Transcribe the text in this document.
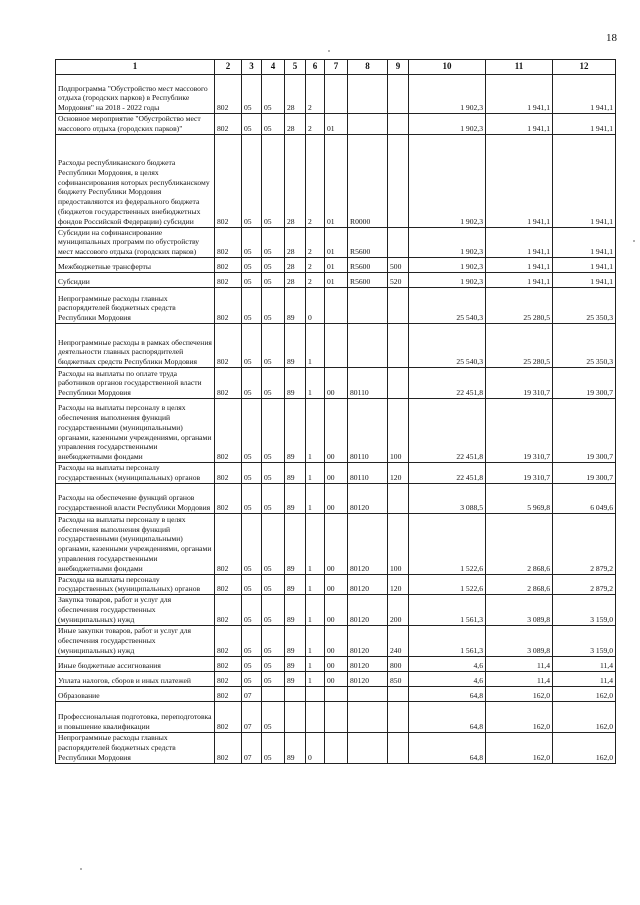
18
1	2	3	4	5	6	7	8	9	10	11	12
Подпрограмма "Обустройство мест массового отдыха (городских парков) в Республике Мордовия" на 2018 - 2022 годы	802	05	05	28	2				1 902,3	1 941,1	1 941,1
Основное мероприятие "Обустройство мест массового отдыха (городских парков)"	802	05	05	28	2	01			1 902,3	1 941,1	1 941,1
Расходы республиканского бюджета Республики Мордовия, в целях софинансирования которых республиканскому бюджету Республики Мордовия предоставляются из федерального бюджета (бюджетов государственных внебюджетных фондов Российской Федерации) субсидии	802	05	05	28	2	01	R0000		1 902,3	1 941,1	1 941,1
Субсидии на софинансирование муниципальных программ по обустройству мест массового отдыха (городских парков)	802	05	05	28	2	01	R5600		1 902,3	1 941,1	1 941,1
Межбюджетные трансферты	802	05	05	28	2	01	R5600	500	1 902,3	1 941,1	1 941,1
Субсидии	802	05	05	28	2	01	R5600	520	1 902,3	1 941,1	1 941,1
Непрограммные расходы главных распорядителей бюджетных средств Республики Мордовия	802	05	05	89	0				25 540,3	25 280,5	25 350,3
Непрограммные расходы в рамках обеспечения деятельности главных распорядителей бюджетных средств Республики Мордовия	802	05	05	89	1				25 540,3	25 280,5	25 350,3
Расходы на выплаты по оплате труда работников органов государственной власти Республики Мордовия	802	05	05	89	1	00	80110		22 451,8	19 310,7	19 300,7
Расходы на выплаты персоналу в целях обеспечения выполнения функций государственными (муниципальными) органами, казенными учреждениями, органами управления государственными внебюджетными фондами	802	05	05	89	1	00	80110	100	22 451,8	19 310,7	19 300,7
Расходы на выплаты персоналу государственных (муниципальных) органов	802	05	05	89	1	00	80110	120	22 451,8	19 310,7	19 300,7
Расходы на обеспечение функций органов государственной власти Республики Мордовия	802	05	05	89	1	00	80120		3 088,5	5 969,8	6 049,6
Расходы на выплаты персоналу в целях обеспечения выполнения функций государственными (муниципальными) органами, казенными учреждениями, органами управления государственными внебюджетными фондами	802	05	05	89	1	00	80120	100	1 522,6	2 868,6	2 879,2
Расходы на выплаты персоналу государственных (муниципальных) органов	802	05	05	89	1	00	80120	120	1 522,6	2 868,6	2 879,2
Закупка товаров, работ и услуг для обеспечения государственных (муниципальных) нужд	802	05	05	89	1	00	80120	200	1 561,3	3 089,8	3 159,0
Иные закупки товаров, работ и услуг для обеспечения государственных (муниципальных) нужд	802	05	05	89	1	00	80120	240	1 561,3	3 089,8	3 159,0
Иные бюджетные ассигнования	802	05	05	89	1	00	80120	800	4,6	11,4	11,4
Уплата налогов, сборов и иных платежей	802	05	05	89	1	00	80120	850	4,6	11,4	11,4
Образование	802	07							64,8	162,0	162,0
Профессиональная подготовка, переподготовка и повышение квалификации	802	07	05						64,8	162,0	162,0
Непрограммные расходы главных распорядителей бюджетных средств Республики Мордовия	802	07	05	89	0				64,8	162,0	162,0
